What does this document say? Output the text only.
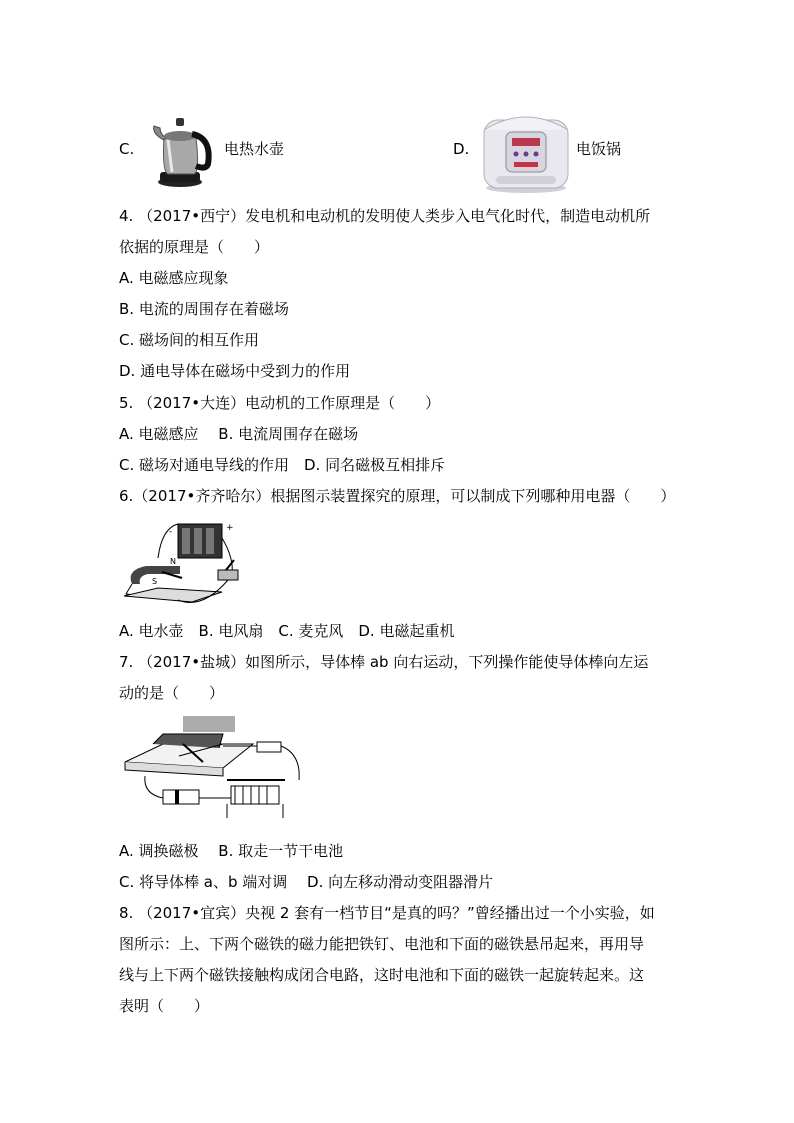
C.	电热水壶	D.	电饭锅
4. （2017•西宁）发电机和电动机的发明使人类步入电气化时代，制造电动机所
依据的原理是（　　）
A. 电磁感应现象
B. 电流的周围存在着磁场
C. 磁场间的相互作用
D. 通电导体在磁场中受到力的作用
5. （2017•大连）电动机的工作原理是（　　）
A. 电磁感应　 B. 电流周围存在磁场
C. 磁场对通电导线的作用　D. 同名磁极互相排斥
6.（2017•齐齐哈尔）根据图示装置探究的原理，可以制成下列哪种用电器（　　）
+
-
N
S
A. 电水壶　B. 电风扇　C. 麦克风　D. 电磁起重机
7. （2017•盐城）如图所示，导体棒 ab 向右运动，下列操作能使导体棒向左运
动的是（　　）
A. 调换磁极　 B. 取走一节干电池
C. 将导体棒 a、b 端对调　 D. 向左移动滑动变阻器滑片
8. （2017•宜宾）央视 2 套有一档节目“是真的吗？”曾经播出过一个小实验，如
图所示：上、下两个磁铁的磁力能把铁钉、电池和下面的磁铁悬吊起来，再用导
线与上下两个磁铁接触构成闭合电路，这时电池和下面的磁铁一起旋转起来。这
表明（　　）
